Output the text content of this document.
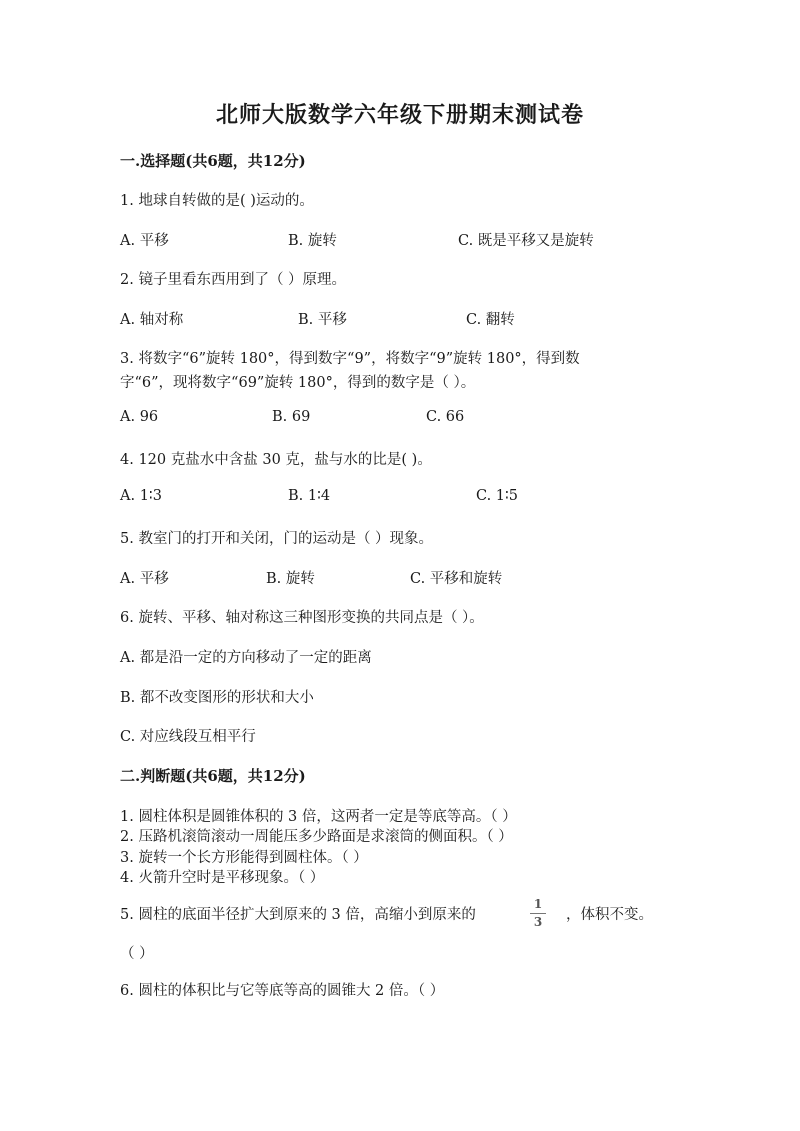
北师大版数学六年级下册期末测试卷
一.选择题(共6题，共12分)
1. 地球自转做的是( )运动的。
A. 平移	B. 旋转	C. 既是平移又是旋转
2. 镜子里看东西用到了（ ）原理。
A. 轴对称	B. 平移	C. 翻转
3. 将数字“6”旋转 180°，得到数字“9”，将数字“9”旋转 180°，得到数
字“6”，现将数字“69”旋转 180°，得到的数字是（ ）。
A. 96	B. 69	C. 66
4. 120 克盐水中含盐 30 克，盐与水的比是( )。
A. 1∶3	B. 1∶4	C. 1∶5
5. 教室门的打开和关闭，门的运动是（ ）现象。
A. 平移	B. 旋转	C. 平移和旋转
6. 旋转、平移、轴对称这三种图形变换的共同点是（ ）。
A. 都是沿一定的方向移动了一定的距离
B. 都不改变图形的形状和大小
C. 对应线段互相平行
二.判断题(共6题，共12分)
1. 圆柱体积是圆锥体积的 3 倍，这两者一定是等底等高。（ ）
2. 压路机滚筒滚动一周能压多少路面是求滚筒的侧面积。（ ）
3. 旋转一个长方形能得到圆柱体。（ ）
4. 火箭升空时是平移现象。（ ）
5. 圆柱的底面半径扩大到原来的 3 倍，高缩小到原来的
1
3 ，体积不变。
（ ）
6. 圆柱的体积比与它等底等高的圆锥大 2 倍。（ ）
